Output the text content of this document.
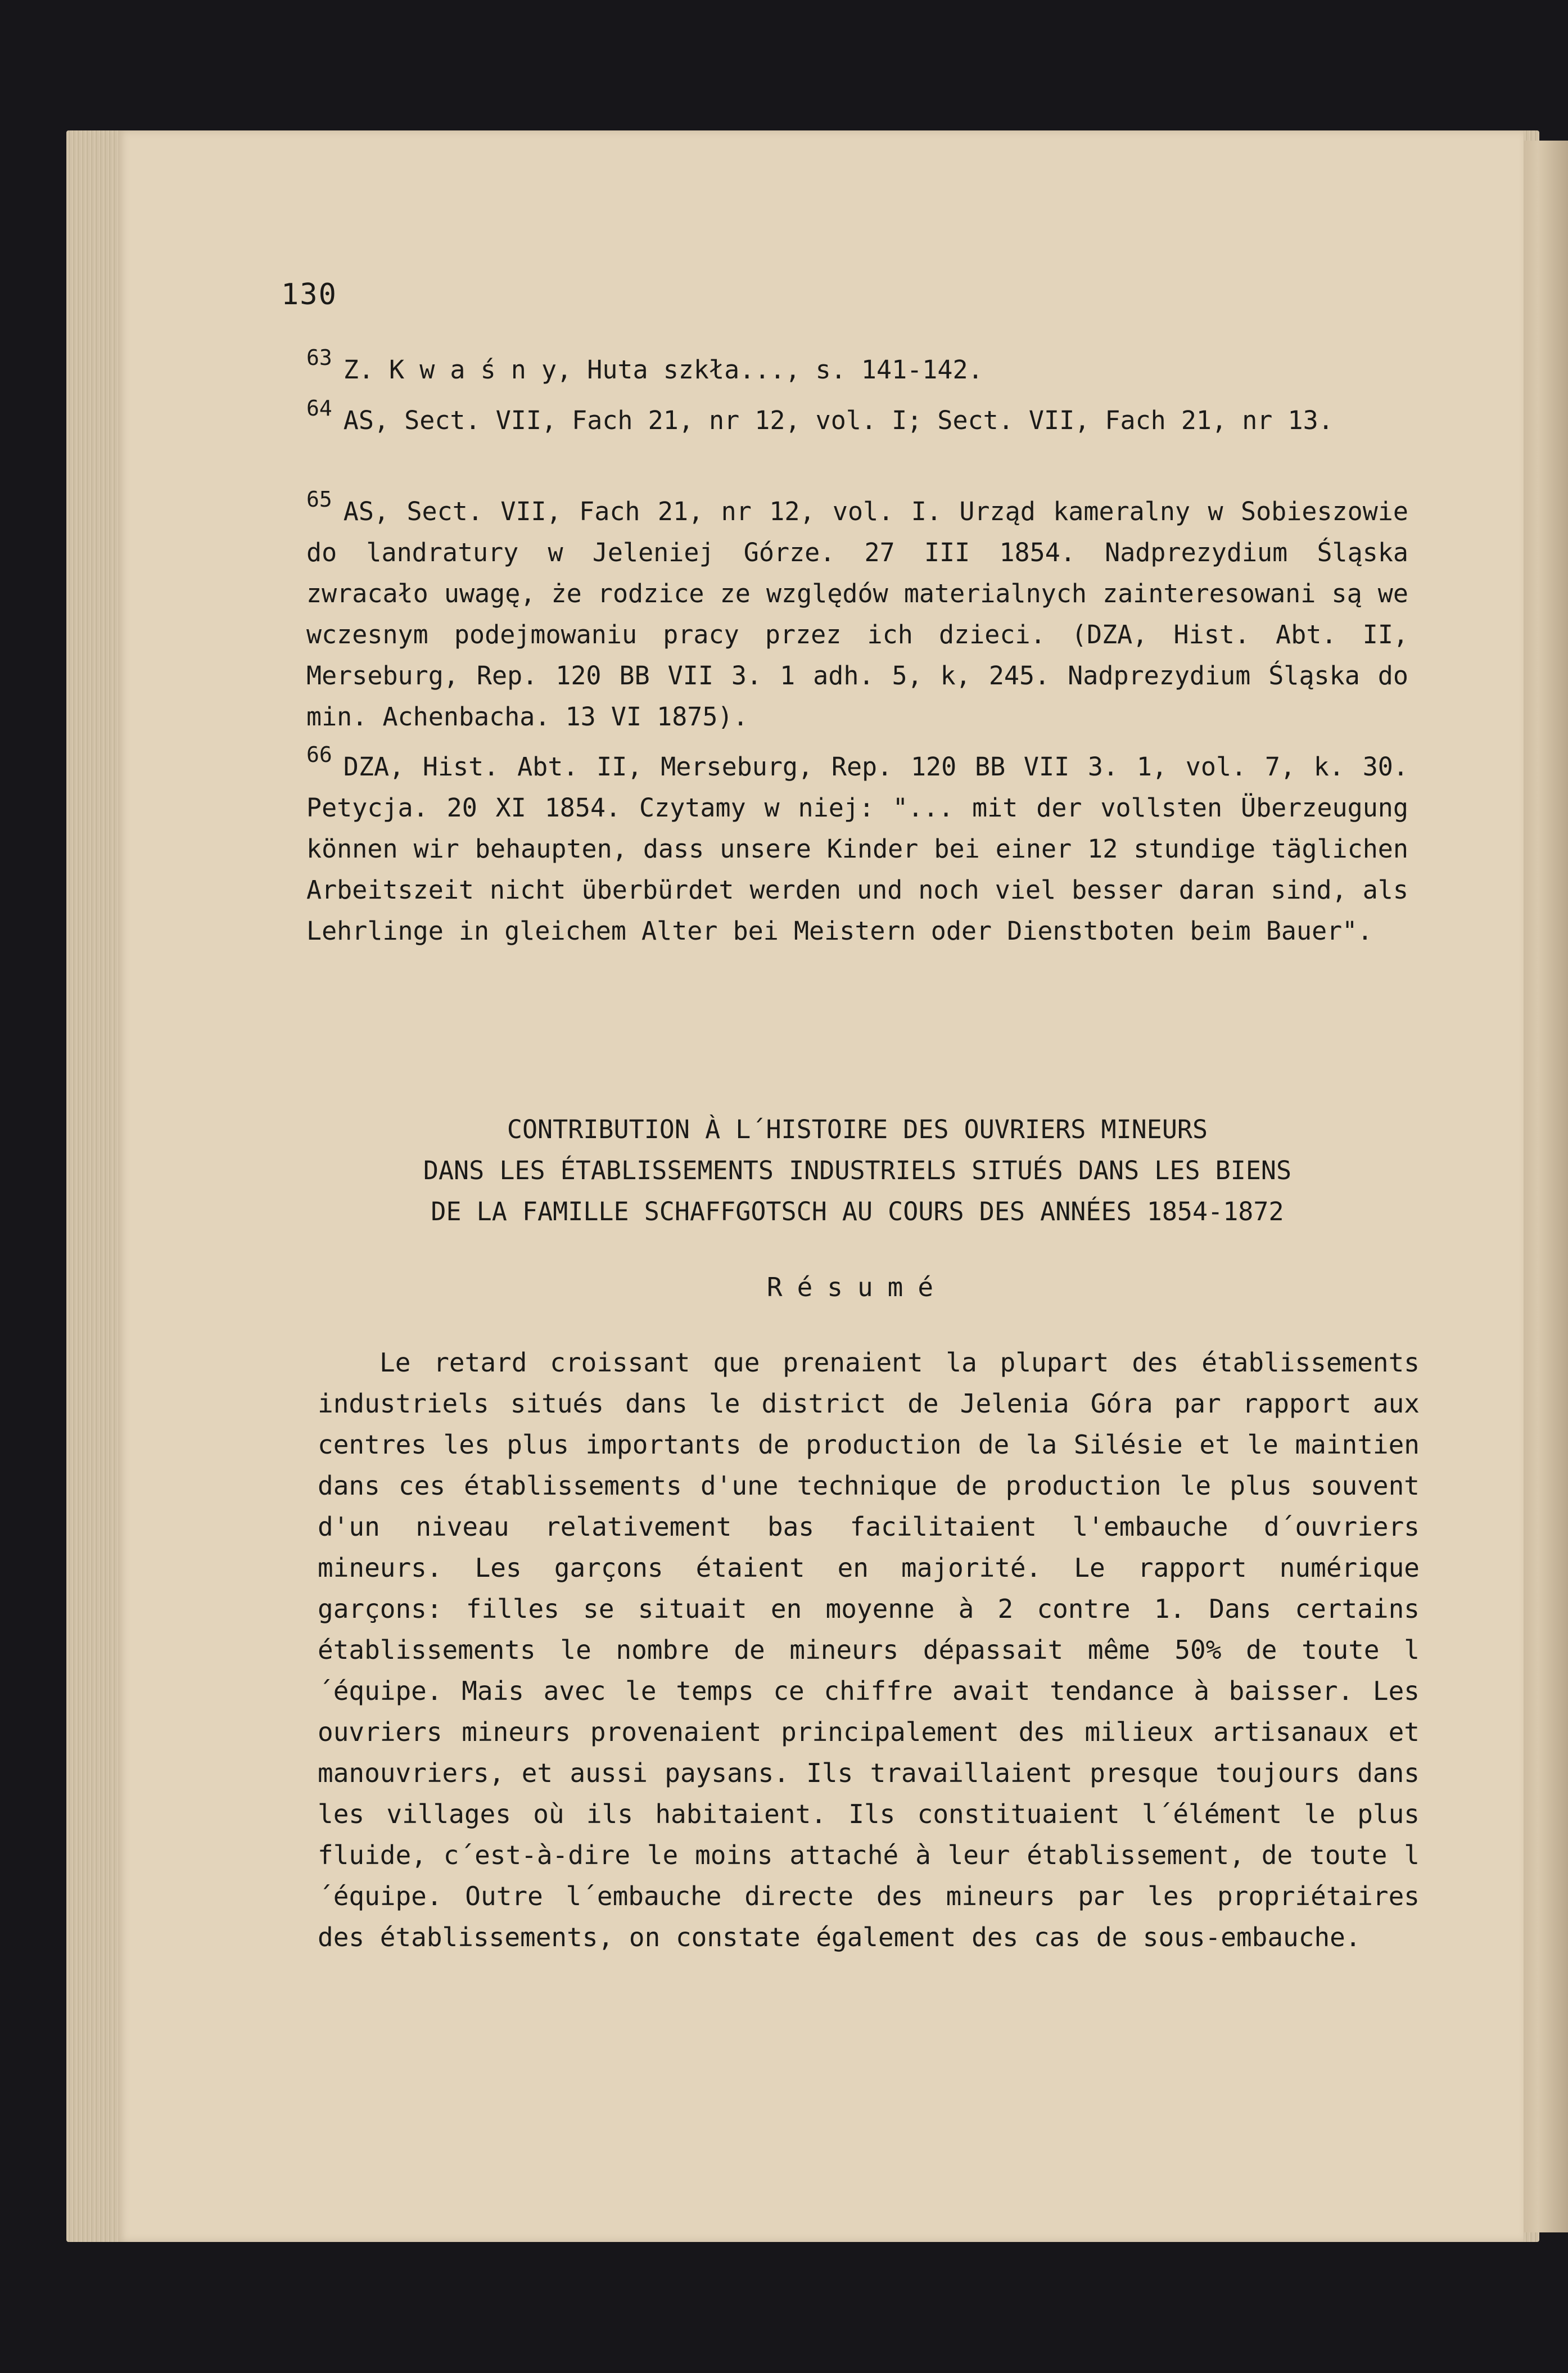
130

$^{63}$ Z. K w a ś n y, Huta szkła..., s. 141-142.

$^{64}$ AS, Sect. VII, Fach 21, nr 12, vol. I; Sect. VII, Fach 21, nr 13.

$^{65}$ AS, Sect. VII, Fach 21, nr 12, vol. I. Urząd kameralny w Sobieszowie do landratury w Jeleniej Górze. 27 III 1854. Nadprezydium Śląska zwracało uwagę, że rodzice ze względów materialnych zainteresowani są we wczesnym podejmowaniu pracy przez ich dzieci. (DZA, Hist. Abt. II, Merseburg, Rep. 120 BB VII 3. 1 adh. 5, k, 245. Nadprezydium Śląska do min. Achenbacha. 13 VI 1875).

$^{66}$ DZA, Hist. Abt. II, Merseburg, Rep. 120 BB VII 3. 1, vol. 7, k. 30. Petycja. 20 XI 1854. Czytamy w niej: "... mit der vollsten Überzeugung können wir behaupten, dass unsere Kinder bei einer 12 stundige täglichen Arbeitszeit nicht überbürdet werden und noch viel besser daran sind, als Lehrlinge in gleichem Alter bei Meistern oder Dienstboten beim Bauer".

CONTRIBUTION À L´HISTOIRE DES OUVRIERS MINEURS
DANS LES ÉTABLISSEMENTS INDUSTRIELS SITUÉS DANS LES BIENS
DE LA FAMILLE SCHAFFGOTSCH AU COURS DES ANNÉES 1854-1872
Résumé

Le retard croissant que prenaient la plupart des établissements industriels situés dans le district de Jelenia Góra par rapport aux centres les plus importants de production de la Silésie et le maintien dans ces établissements d'une technique de production le plus souvent d'un niveau relativement bas facilitaient l'embauche d´ouvriers mineurs. Les garçons étaient en majorité. Le rapport numérique garçons: filles se situait en moyenne à 2 contre 1. Dans certains établissements le nombre de mineurs dépassait même 50% de toute l´équipe. Mais avec le temps ce chiffre avait tendance à baisser. Les ouvriers mineurs provenaient principalement des milieux artisanaux et manouvriers, et aussi paysans. Ils travaillaient presque toujours dans les villages où ils habitaient. Ils constituaient l´élément le plus fluide, c´est-à-dire le moins attaché à leur établissement, de toute l´équipe. Outre l´embauche directe des mineurs par les propriétaires des établissements, on constate également des cas de sous-embauche.
